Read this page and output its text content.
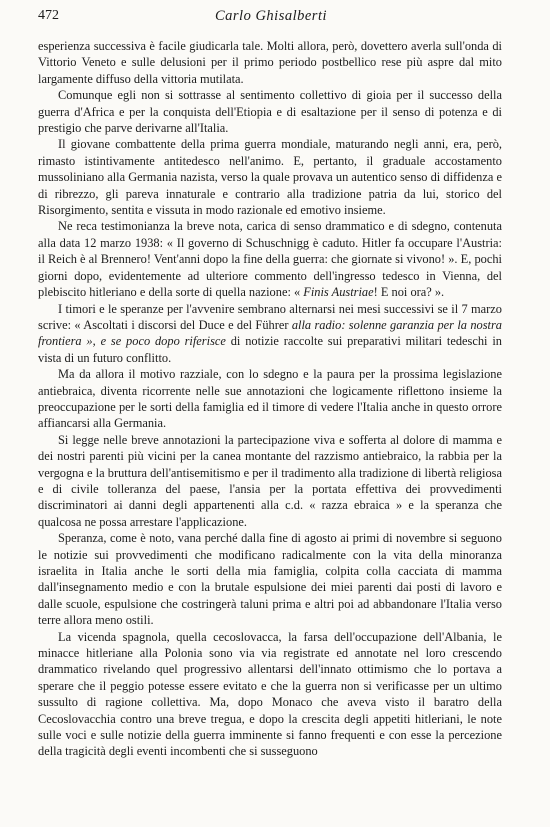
472	Carlo Ghisalberti

esperienza successiva è facile giudicarla tale. Molti allora, però, dovettero averla sull'onda di Vittorio Veneto e sulle delusioni per il primo periodo postbellico rese più aspre dal mito largamente diffuso della vittoria mutilata.

Comunque egli non si sottrasse al sentimento collettivo di gioia per il successo della guerra d'Africa e per la conquista dell'Etiopia e di esaltazione per il senso di potenza e di prestigio che parve derivarne all'Italia.

Il giovane combattente della prima guerra mondiale, maturando negli anni, era, però, rimasto istintivamente antitedesco nell'animo. E, pertanto, il graduale accostamento mussoliniano alla Germania nazista, verso la quale provava un autentico senso di diffidenza e di ribrezzo, gli pareva innaturale e contrario alla tradizione patria da lui, storico del Risorgimento, sentita e vissuta in modo razionale ed emotivo insieme.

Ne reca testimonianza la breve nota, carica di senso drammatico e di sdegno, contenuta alla data 12 marzo 1938: « Il governo di Schuschnigg è caduto. Hitler fa occupare l'Austria: il Reich è al Brennero! Vent'anni dopo la fine della guerra: che giornate si vivono! ». E, pochi giorni dopo, evidentemente ad ulteriore commento dell'ingresso tedesco in Vienna, del plebiscito hitleriano e della sorte di quella nazione: « Finis Austriae! E noi ora? ».

I timori e le speranze per l'avvenire sembrano alternarsi nei mesi successivi se il 7 marzo scrive: « Ascoltati i discorsi del Duce e del Führer alla radio: solenne garanzia per la nostra frontiera », e se poco dopo riferisce di notizie raccolte sui preparativi militari tedeschi in vista di un futuro conflitto.

Ma da allora il motivo razziale, con lo sdegno e la paura per la prossima legislazione antiebraica, diventa ricorrente nelle sue annotazioni che logicamente riflettono insieme la preoccupazione per le sorti della famiglia ed il timore di vedere l'Italia anche in questo orrore affiancarsi alla Germania.

Si legge nelle breve annotazioni la partecipazione viva e sofferta al dolore di mamma e dei nostri parenti più vicini per la canea montante del razzismo antiebraico, la rabbia per la vergogna e la bruttura dell'antisemitismo e per il tradimento alla tradizione di libertà religiosa e di civile tolleranza del paese, l'ansia per la portata effettiva dei provvedimenti discriminatori ai danni degli appartenenti alla c.d. « razza ebraica » e la speranza che qualcosa ne possa arrestare l'applicazione.

Speranza, come è noto, vana perché dalla fine di agosto ai primi di novembre si seguono le notizie sui provvedimenti che modificano radicalmente con la vita della minoranza israelita in Italia anche le sorti della mia famiglia, colpita colla cacciata di mamma dall'insegnamento medio e con la brutale espulsione dei miei parenti dai posti di lavoro e dalle scuole, espulsione che costringerà taluni prima e altri poi ad abbandonare l'Italia verso terre allora meno ostili.

La vicenda spagnola, quella cecoslovacca, la farsa dell'occupazione dell'Albania, le minacce hitleriane alla Polonia sono via via registrate ed annotate nel loro crescendo drammatico rivelando quel progressivo allentarsi dell'innato ottimismo che lo portava a sperare che il peggio potesse essere evitato e che la guerra non si verificasse per un ultimo sussulto di ragione collettiva. Ma, dopo Monaco che aveva visto il baratro della Cecoslovacchia contro una breve tregua, e dopo la crescita degli appetiti hitleriani, le note sulle voci e sulle notizie della guerra imminente si fanno frequenti e con esse la percezione della tragicità degli eventi incombenti che si susseguono
